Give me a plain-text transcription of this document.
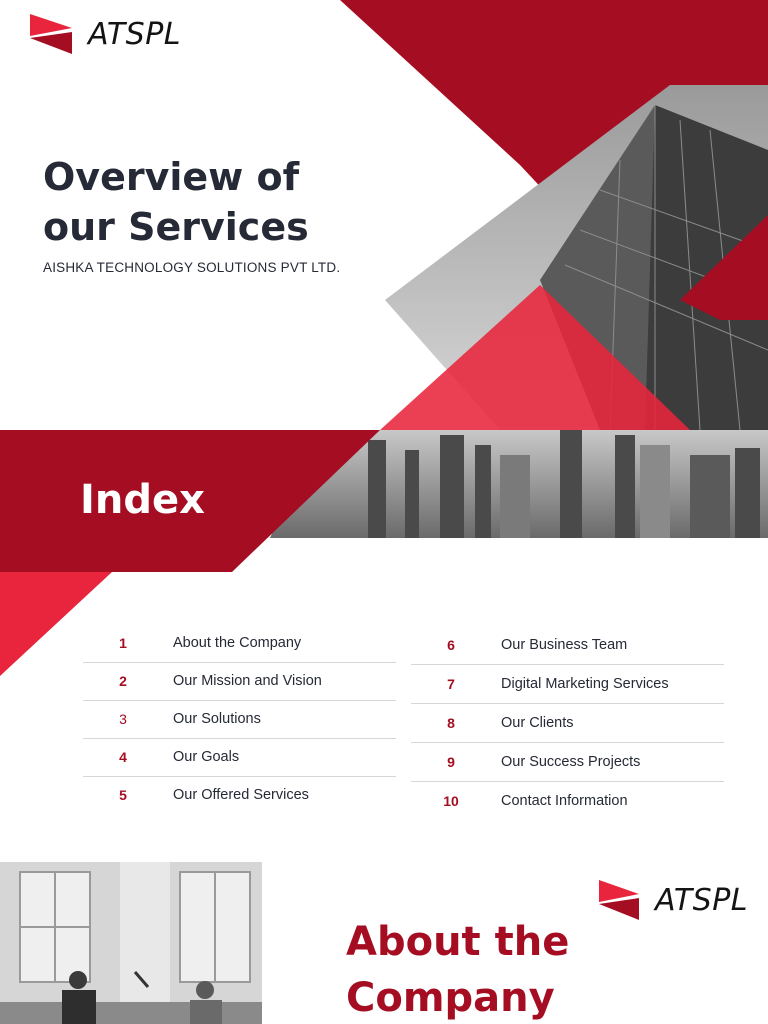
ATSPL
Overview of
our Services
AISHKA TECHNOLOGY SOLUTIONS PVT LTD.
Index
1	About the Company
2	Our Mission and Vision
3	Our Solutions
4	Our Goals
5	Our Offered Services
6	Our Business Team
7	Digital Marketing Services
8	Our Clients
9	Our Success Projects
10	Contact Information
ATSPL
About the
Company
